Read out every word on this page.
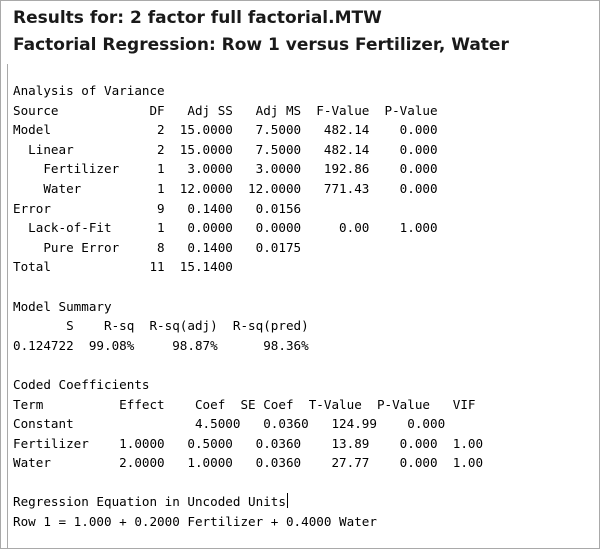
Results for: 2 factor full factorial.MTW
Factorial Regression: Row 1 versus Fertilizer, Water
Analysis of Variance
Source            DF   Adj SS   Adj MS  F-Value  P-Value
Model              2  15.0000   7.5000   482.14    0.000
Linear           2  15.0000   7.5000   482.14    0.000
Fertilizer     1   3.0000   3.0000   192.86    0.000
Water          1  12.0000  12.0000   771.43    0.000
Error              9   0.1400   0.0156
Lack-of-Fit      1   0.0000   0.0000     0.00    1.000
Pure Error     8   0.1400   0.0175
Total             11  15.1400
Model Summary
S    R-sq  R-sq(adj)  R-sq(pred)
0.124722  99.08%     98.87%      98.36%
Coded Coefficients
Term          Effect    Coef  SE Coef  T-Value  P-Value   VIF
Constant                4.5000   0.0360   124.99    0.000
Fertilizer    1.0000   0.5000   0.0360    13.89    0.000  1.00
Water         2.0000   1.0000   0.0360    27.77    0.000  1.00
Regression Equation in Uncoded Units
Row 1 = 1.000 + 0.2000 Fertilizer + 0.4000 Water
